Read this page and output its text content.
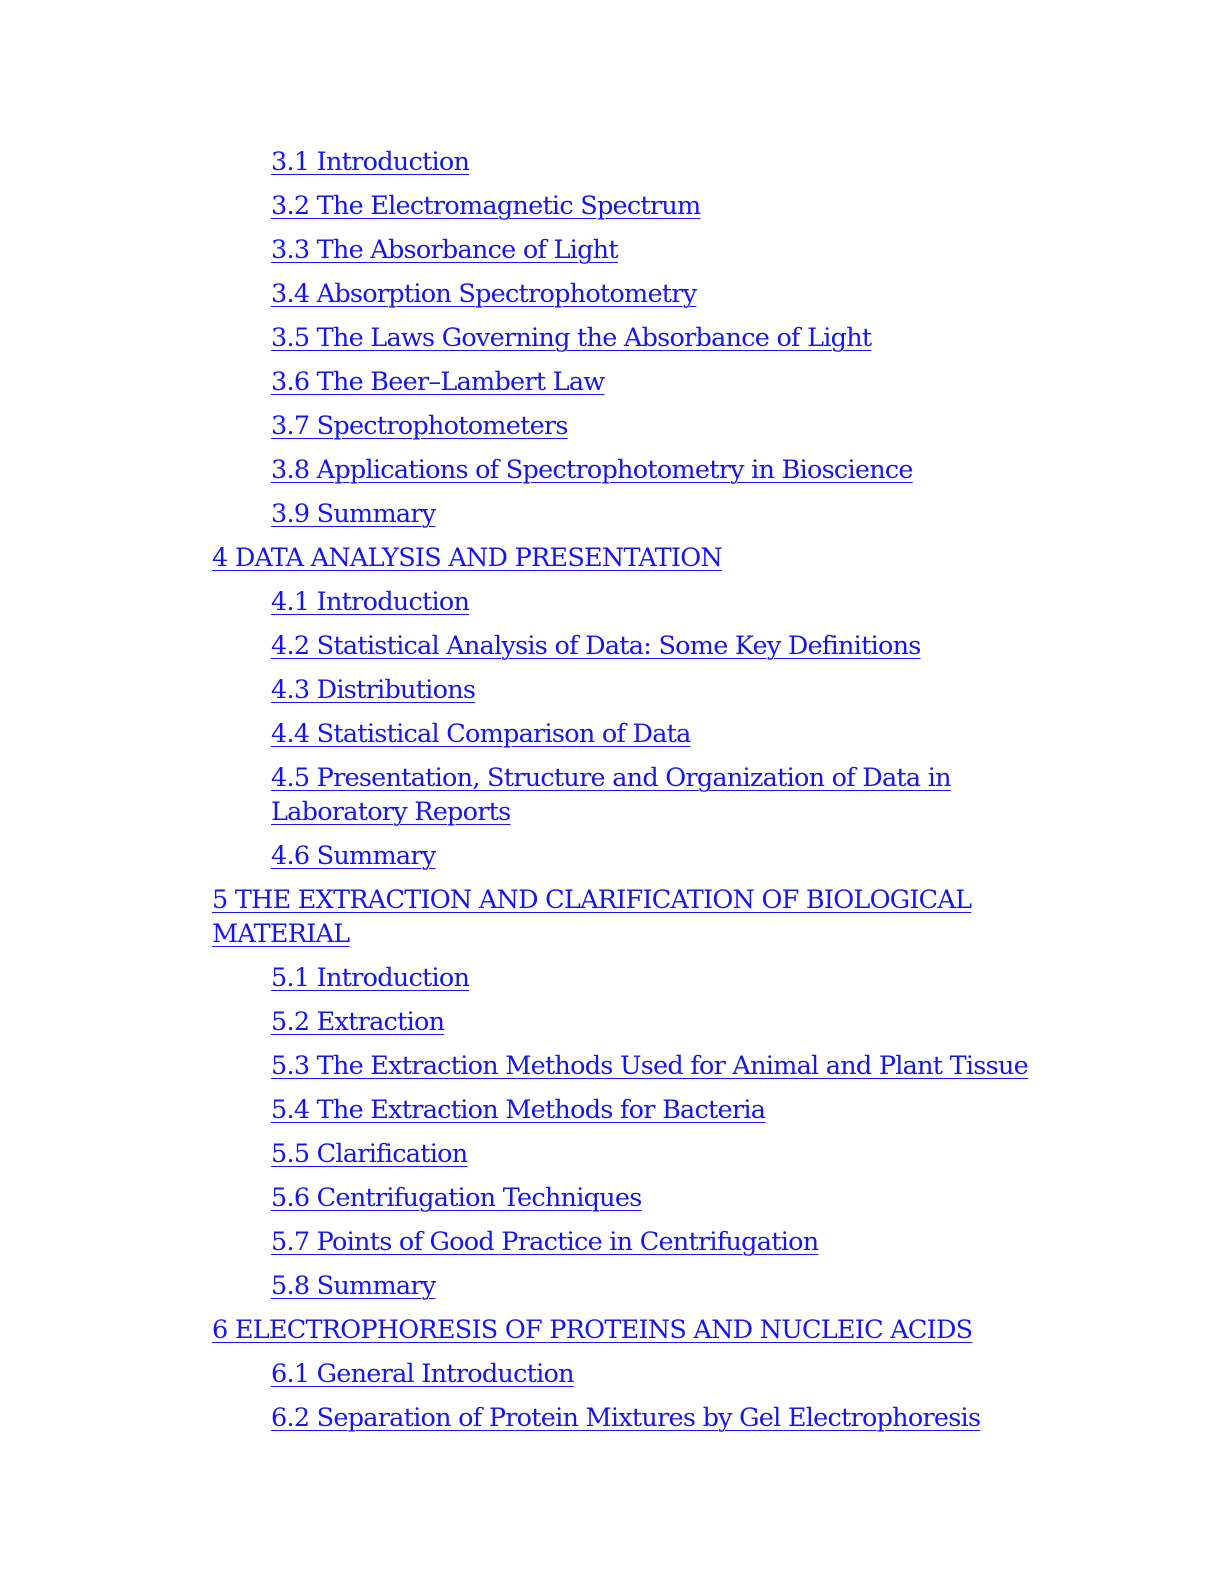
3.1 Introduction
3.2 The Electromagnetic Spectrum
3.3 The Absorbance of Light
3.4 Absorption Spectrophotometry
3.5 The Laws Governing the Absorbance of Light
3.6 The Beer–Lambert Law
3.7 Spectrophotometers
3.8 Applications of Spectrophotometry in Bioscience
3.9 Summary
4 DATA ANALYSIS AND PRESENTATION
4.1 Introduction
4.2 Statistical Analysis of Data: Some Key Definitions
4.3 Distributions
4.4 Statistical Comparison of Data
4.5 Presentation, Structure and Organization of Data in Laboratory Reports
4.6 Summary
5 THE EXTRACTION AND CLARIFICATION OF BIOLOGICAL MATERIAL
5.1 Introduction
5.2 Extraction
5.3 The Extraction Methods Used for Animal and Plant Tissue
5.4 The Extraction Methods for Bacteria
5.5 Clarification
5.6 Centrifugation Techniques
5.7 Points of Good Practice in Centrifugation
5.8 Summary
6 ELECTROPHORESIS OF PROTEINS AND NUCLEIC ACIDS
6.1 General Introduction
6.2 Separation of Protein Mixtures by Gel Electrophoresis
